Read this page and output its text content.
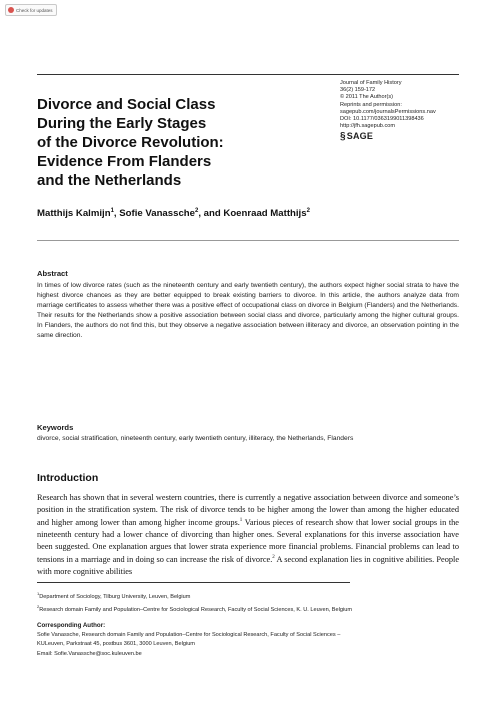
Check for updates
Divorce and Social Class
During the Early Stages
of the Divorce Revolution:
Evidence From Flanders
and the Netherlands
Journal of Family History
36(2) 159-172
© 2011 The Author(s)
Reprints and permission:
sagepub.com/journalsPermissions.nav
DOI: 10.1177/0363199011398436
http://jfh.sagepub.com
§ SAGE

Matthijs Kalmijn$^1$, Sofie Vanassche$^2$, and Koenraad Matthijs$^2$

Abstract

In times of low divorce rates (such as the nineteenth century and early twentieth century), the authors expect higher social strata to have the highest divorce chances as they are better equipped to break existing barriers to divorce. In this article, the authors analyze data from marriage certificates to assess whether there was a positive effect of occupational class on divorce in Belgium (Flanders) and the Netherlands. Their results for the Netherlands show a positive association between social class and divorce, particularly among the higher cultural groups. In Flanders, the authors do not find this, but they observe a negative association between illiteracy and divorce, an observation pointing in the same direction.

Keywords

divorce, social stratification, nineteenth century, early twentieth century, illiteracy, the Netherlands, Flanders

Introduction

Research has shown that in several western countries, there is currently a negative association between divorce and someone’s position in the stratification system. The risk of divorce tends to be higher among the lower than among the higher educated and higher among lower than among higher income groups.$^1$ Various pieces of research show that lower social groups in the nineteenth century had a lower chance of divorcing than higher ones. Several explanations for this inverse association have been suggested. One explanation argues that lower strata experience more financial problems. Financial problems can lead to tensions in a marriage and in doing so can increase the risk of divorce.$^2$ A second explanation lies in cognitive abilities. People with more cognitive abilities

$^1$Department of Sociology, Tilburg University, Leuven, Belgium
$^2$Research domain Family and Population–Centre for Sociological Research, Faculty of Social Sciences, K. U. Leuven, Belgium
Corresponding Author:
Sofie Vanassche, Research domain Family and Population–Centre for Sociological Research, Faculty of Social Sciences –
KULeuven, Parkstraat 45, postbus 3601, 3000 Leuven, Belgium
Email: Sofie.Vanassche@soc.kuleuven.be
